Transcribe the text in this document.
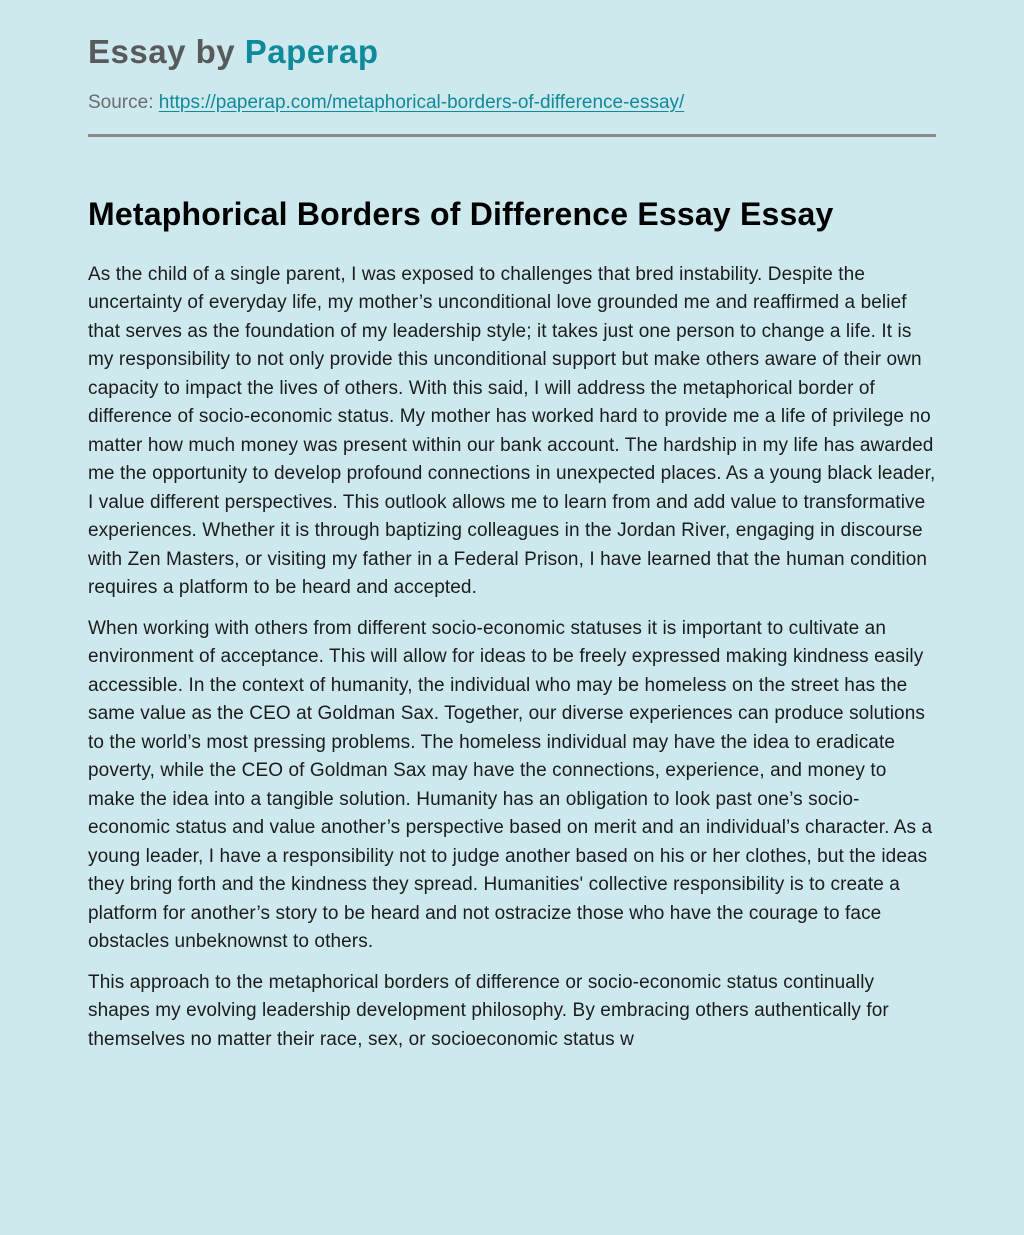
Essay by Paperap
Source: https://paperap.com/metaphorical-borders-of-difference-essay/
Metaphorical Borders of Difference Essay Essay

As the child of a single parent, I was exposed to challenges that bred instability. Despite the uncertainty of everyday life, my mother’s unconditional love grounded me and reaffirmed a belief that serves as the foundation of my leadership style; it takes just one person to change a life. It is my responsibility to not only provide this unconditional support but make others aware of their own capacity to impact the lives of others. With this said, I will address the metaphorical border of difference of socio-economic status. My mother has worked hard to provide me a life of privilege no matter how much money was present within our bank account. The hardship in my life has awarded me the opportunity to develop profound connections in unexpected places. As a young black leader, I value different perspectives. This outlook allows me to learn from and add value to transformative experiences. Whether it is through baptizing colleagues in the Jordan River, engaging in discourse with Zen Masters, or visiting my father in a Federal Prison, I have learned that the human condition requires a platform to be heard and accepted.

When working with others from different socio-economic statuses it is important to cultivate an environment of acceptance. This will allow for ideas to be freely expressed making kindness easily accessible. In the context of humanity, the individual who may be homeless on the street has the same value as the CEO at Goldman Sax. Together, our diverse experiences can produce solutions to the world’s most pressing problems. The homeless individual may have the idea to eradicate poverty, while the CEO of Goldman Sax may have the connections, experience, and money to make the idea into a tangible solution. Humanity has an obligation to look past one’s socio-economic status and value another’s perspective based on merit and an individual’s character. As a young leader, I have a responsibility not to judge another based on his or her clothes, but the ideas they bring forth and the kindness they spread. Humanities' collective responsibility is to create a platform for another’s story to be heard and not ostracize those who have the courage to face obstacles unbeknownst to others.

This approach to the metaphorical borders of difference or socio-economic status continually shapes my evolving leadership development philosophy. By embracing others authentically for themselves no matter their race, sex, or socioeconomic status w
